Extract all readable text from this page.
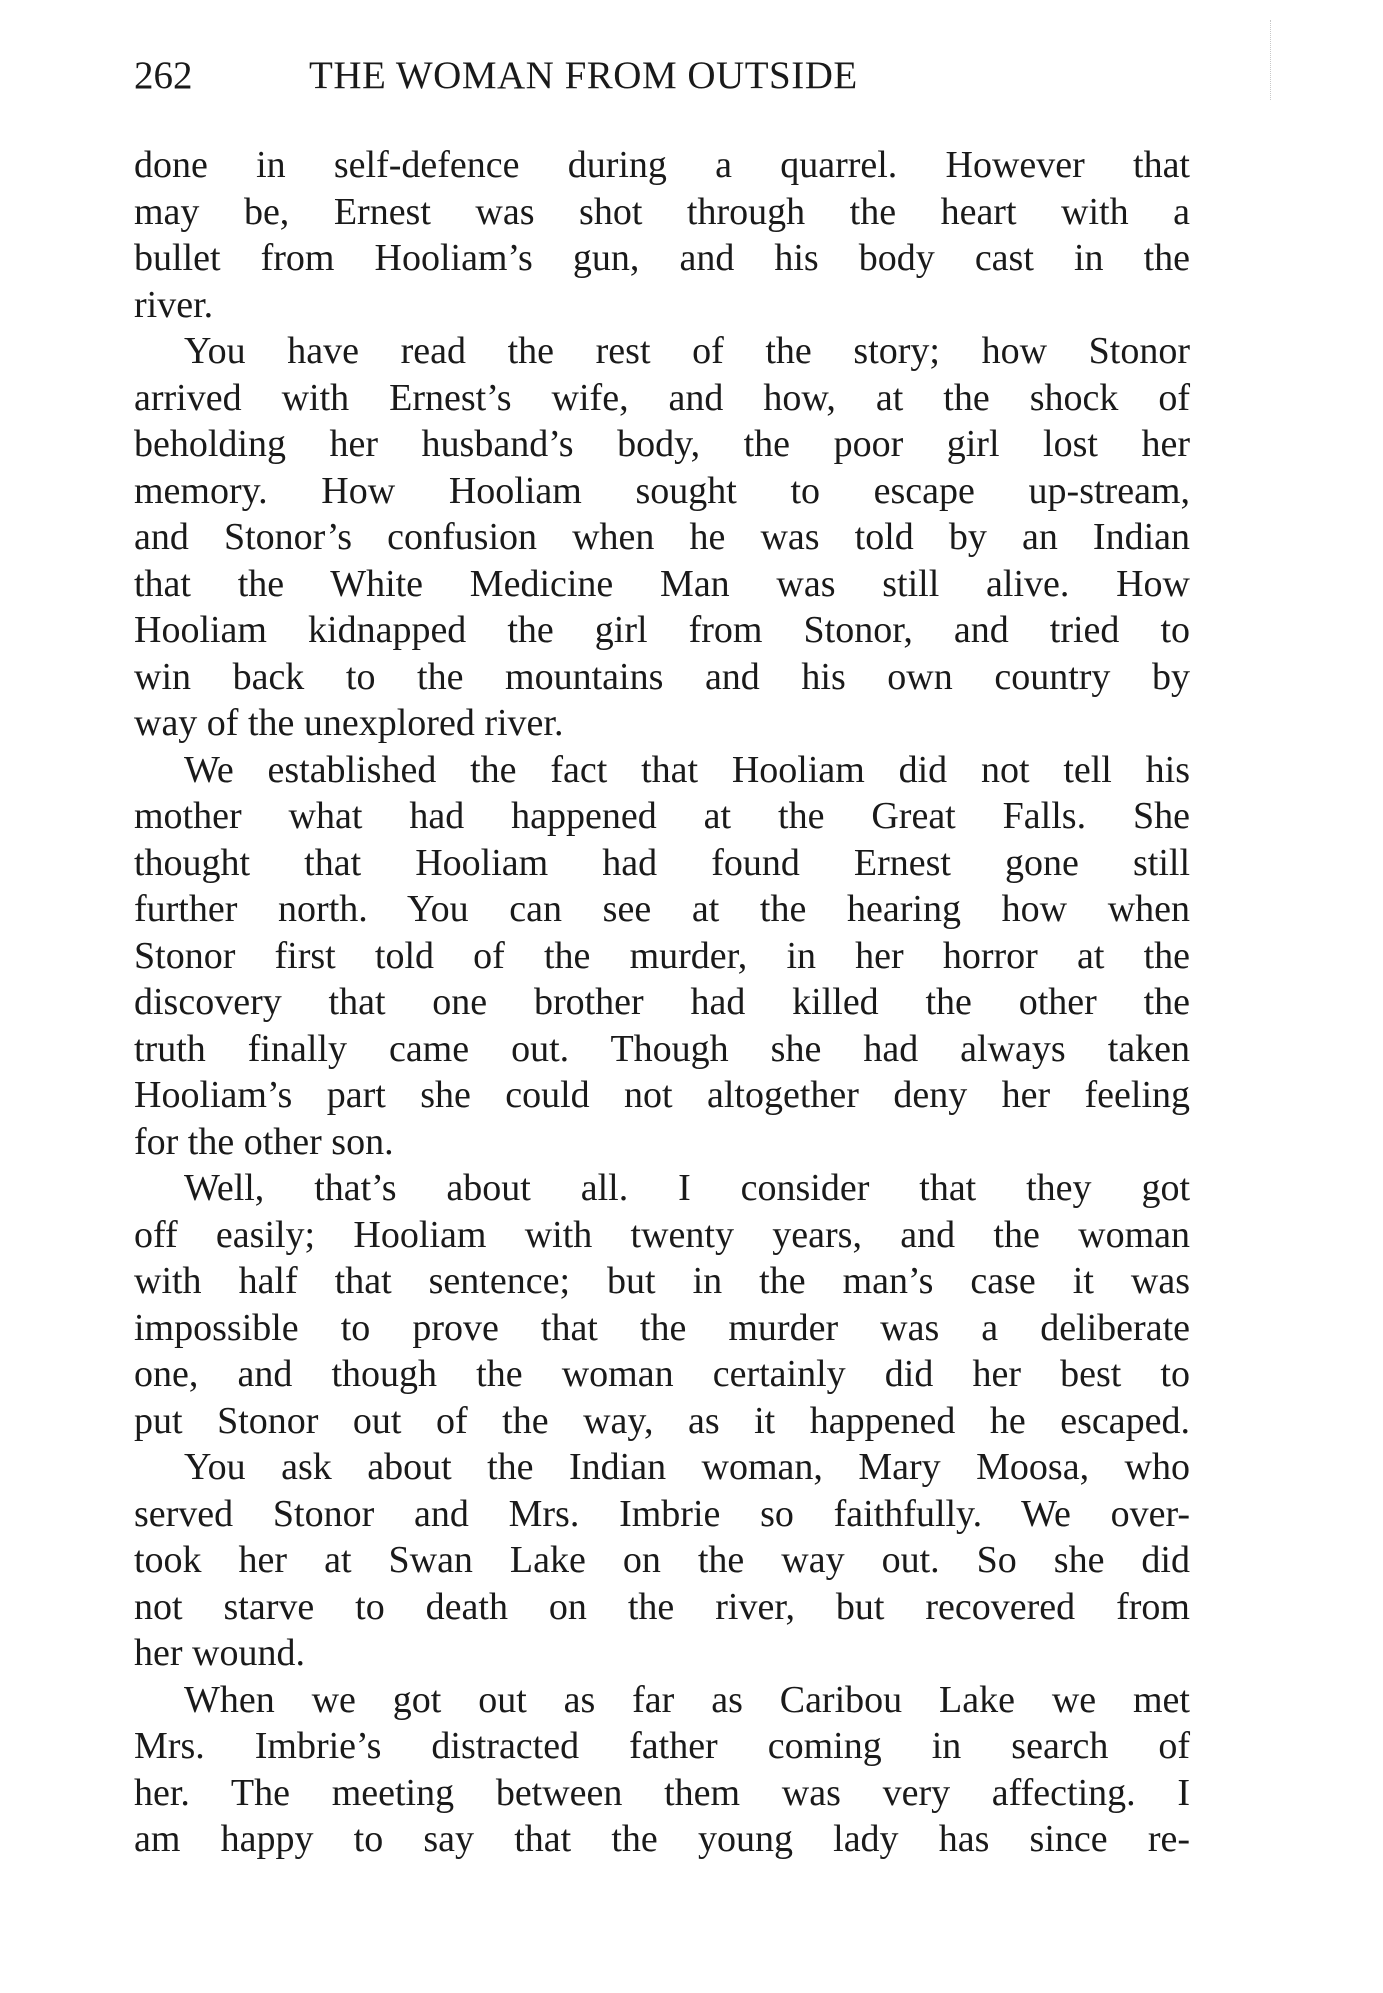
262	THE WOMAN FROM OUTSIDE
done in self-defence during a quarrel. However that
may be, Ernest was shot through the heart with a
bullet from Hooliam’s gun, and his body cast in the
river.
You have read the rest of the story; how Stonor
arrived with Ernest’s wife, and how, at the shock of
beholding her husband’s body, the poor girl lost her
memory. How Hooliam sought to escape up-stream,
and Stonor’s confusion when he was told by an Indian
that the White Medicine Man was still alive. How
Hooliam kidnapped the girl from Stonor, and tried to
win back to the mountains and his own country by
way of the unexplored river.
We established the fact that Hooliam did not tell his
mother what had happened at the Great Falls. She
thought that Hooliam had found Ernest gone still
further north. You can see at the hearing how when
Stonor first told of the murder, in her horror at the
discovery that one brother had killed the other the
truth finally came out. Though she had always taken
Hooliam’s part she could not altogether deny her feeling
for the other son.
Well, that’s about all. I consider that they got
off easily; Hooliam with twenty years, and the woman
with half that sentence; but in the man’s case it was
impossible to prove that the murder was a deliberate
one, and though the woman certainly did her best to
put Stonor out of the way, as it happened he escaped.
You ask about the Indian woman, Mary Moosa, who
served Stonor and Mrs. Imbrie so faithfully. We over-
took her at Swan Lake on the way out. So she did
not starve to death on the river, but recovered from
her wound.
When we got out as far as Caribou Lake we met
Mrs. Imbrie’s distracted father coming in search of
her. The meeting between them was very affecting. I
am happy to say that the young lady has since re-
